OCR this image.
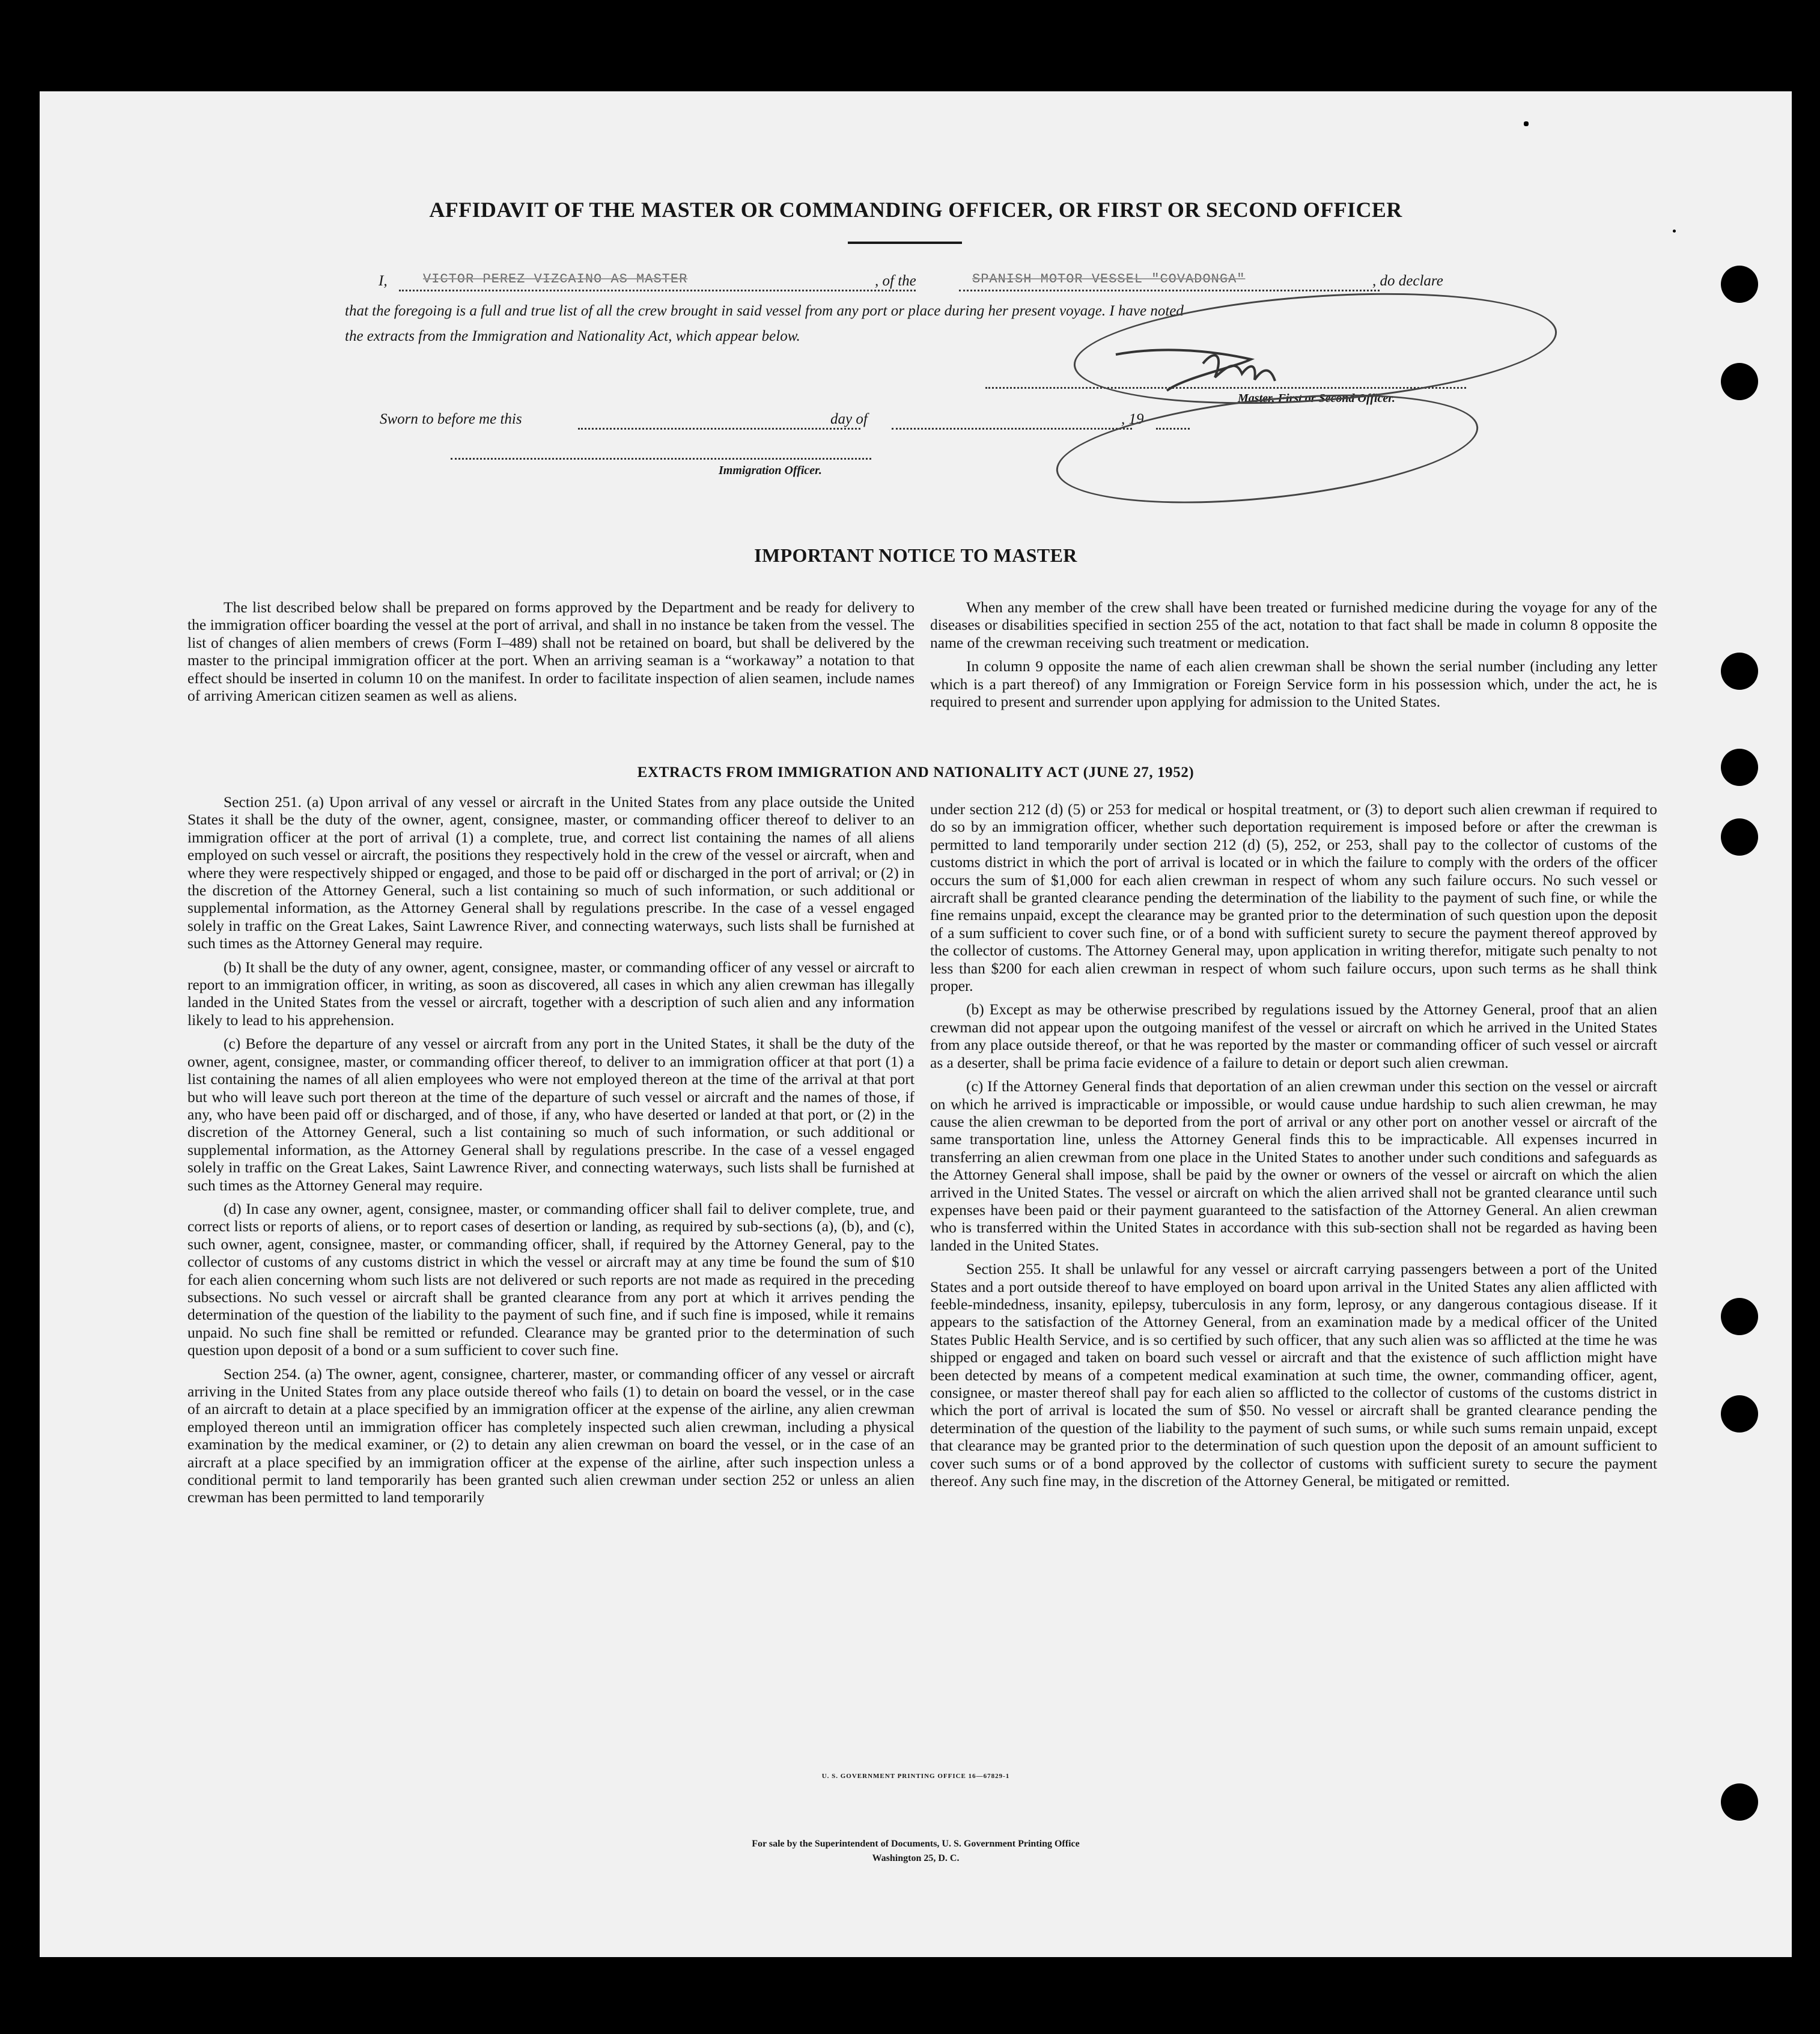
AFFIDAVIT OF THE MASTER OR COMMANDING OFFICER, OR FIRST OR SECOND OFFICER
I,	VICTOR PEREZ VIZCAINO AS MASTER	, of the	SPANISH MOTOR VESSEL "COVADONGA"	, do declare
that the foregoing is a full and true list of all the crew brought in said vessel from any port or place during her present voyage. I have noted
the extracts from the Immigration and Nationality Act, which appear below.
Master, First or Second Officer.
Sworn to before me this	day of	, 19
Immigration Officer.
IMPORTANT NOTICE TO MASTER

The list described below shall be prepared on forms approved by the Department and be ready for delivery to the immigration officer boarding the vessel at the port of arrival, and shall in no instance be taken from the vessel. The list of changes of alien members of crews (Form I–489) shall not be retained on board, but shall be delivered by the master to the principal immigration officer at the port. When an arriving seaman is a “workaway” a notation to that effect should be inserted in column 10 on the manifest. In order to facilitate inspection of alien seamen, include names of arriving American citizen seamen as well as aliens.

When any member of the crew shall have been treated or furnished medicine during the voyage for any of the diseases or disabilities specified in section 255 of the act, notation to that fact shall be made in column 8 opposite the name of the crewman receiving such treatment or medication.

In column 9 opposite the name of each alien crewman shall be shown the serial number (including any letter which is a part thereof) of any Immigration or Foreign Service form in his possession which, under the act, he is required to present and surrender upon applying for admission to the United States.

EXTRACTS FROM IMMIGRATION AND NATIONALITY ACT (JUNE 27, 1952)

Section 251. (a) Upon arrival of any vessel or aircraft in the United States from any place outside the United States it shall be the duty of the owner, agent, consignee, master, or commanding officer thereof to deliver to an immigration officer at the port of arrival (1) a complete, true, and correct list containing the names of all aliens employed on such vessel or aircraft, the positions they respectively hold in the crew of the vessel or aircraft, when and where they were respectively shipped or engaged, and those to be paid off or discharged in the port of arrival; or (2) in the discretion of the Attorney General, such a list containing so much of such information, or such additional or supplemental information, as the Attorney General shall by regulations prescribe. In the case of a vessel engaged solely in traffic on the Great Lakes, Saint Lawrence River, and connecting waterways, such lists shall be furnished at such times as the Attorney General may require.

(b) It shall be the duty of any owner, agent, consignee, master, or commanding officer of any vessel or aircraft to report to an immigration officer, in writing, as soon as discovered, all cases in which any alien crewman has illegally landed in the United States from the vessel or aircraft, together with a description of such alien and any information likely to lead to his apprehension.

(c) Before the departure of any vessel or aircraft from any port in the United States, it shall be the duty of the owner, agent, consignee, master, or commanding officer thereof, to deliver to an immigration officer at that port (1) a list containing the names of all alien employees who were not employed thereon at the time of the arrival at that port but who will leave such port thereon at the time of the departure of such vessel or aircraft and the names of those, if any, who have been paid off or discharged, and of those, if any, who have deserted or landed at that port, or (2) in the discretion of the Attorney General, such a list containing so much of such information, or such additional or supplemental information, as the Attorney General shall by regulations prescribe. In the case of a vessel engaged solely in traffic on the Great Lakes, Saint Lawrence River, and connecting waterways, such lists shall be furnished at such times as the Attorney General may require.

(d) In case any owner, agent, consignee, master, or commanding officer shall fail to deliver complete, true, and correct lists or reports of aliens, or to report cases of desertion or landing, as required by sub-sections (a), (b), and (c), such owner, agent, consignee, master, or commanding officer, shall, if required by the Attorney General, pay to the collector of customs of any customs district in which the vessel or aircraft may at any time be found the sum of $10 for each alien concerning whom such lists are not delivered or such reports are not made as required in the preceding subsections. No such vessel or aircraft shall be granted clearance from any port at which it arrives pending the determination of the question of the liability to the payment of such fine, and if such fine is imposed, while it remains unpaid. No such fine shall be remitted or refunded. Clearance may be granted prior to the determination of such question upon deposit of a bond or a sum sufficient to cover such fine.

Section 254. (a) The owner, agent, consignee, charterer, master, or commanding officer of any vessel or aircraft arriving in the United States from any place outside thereof who fails (1) to detain on board the vessel, or in the case of an aircraft to detain at a place specified by an immigration officer at the expense of the airline, any alien crewman employed thereon until an immigration officer has completely inspected such alien crewman, including a physical examination by the medical examiner, or (2) to detain any alien crewman on board the vessel, or in the case of an aircraft at a place specified by an immigration officer at the expense of the airline, after such inspection unless a conditional permit to land temporarily has been granted such alien crewman under section 252 or unless an alien crewman has been permitted to land temporarily

under section 212 (d) (5) or 253 for medical or hospital treatment, or (3) to deport such alien crewman if required to do so by an immigration officer, whether such deportation requirement is imposed before or after the crewman is permitted to land temporarily under section 212 (d) (5), 252, or 253, shall pay to the collector of customs of the customs district in which the port of arrival is located or in which the failure to comply with the orders of the officer occurs the sum of $1,000 for each alien crewman in respect of whom any such failure occurs. No such vessel or aircraft shall be granted clearance pending the determination of the liability to the payment of such fine, or while the fine remains unpaid, except the clearance may be granted prior to the determination of such question upon the deposit of a sum sufficient to cover such fine, or of a bond with sufficient surety to secure the payment thereof approved by the collector of customs. The Attorney General may, upon application in writing therefor, mitigate such penalty to not less than $200 for each alien crewman in respect of whom such failure occurs, upon such terms as he shall think proper.

(b) Except as may be otherwise prescribed by regulations issued by the Attorney General, proof that an alien crewman did not appear upon the outgoing manifest of the vessel or aircraft on which he arrived in the United States from any place outside thereof, or that he was reported by the master or commanding officer of such vessel or aircraft as a deserter, shall be prima facie evidence of a failure to detain or deport such alien crewman.

(c) If the Attorney General finds that deportation of an alien crewman under this section on the vessel or aircraft on which he arrived is impracticable or impossible, or would cause undue hardship to such alien crewman, he may cause the alien crewman to be deported from the port of arrival or any other port on another vessel or aircraft of the same transportation line, unless the Attorney General finds this to be impracticable. All expenses incurred in transferring an alien crewman from one place in the United States to another under such conditions and safeguards as the Attorney General shall impose, shall be paid by the owner or owners of the vessel or aircraft on which the alien arrived in the United States. The vessel or aircraft on which the alien arrived shall not be granted clearance until such expenses have been paid or their payment guaranteed to the satisfaction of the Attorney General. An alien crewman who is transferred within the United States in accordance with this sub-section shall not be regarded as having been landed in the United States.

Section 255. It shall be unlawful for any vessel or aircraft carrying passengers between a port of the United States and a port outside thereof to have employed on board upon arrival in the United States any alien afflicted with feeble-mindedness, insanity, epilepsy, tuberculosis in any form, leprosy, or any dangerous contagious disease. If it appears to the satisfaction of the Attorney General, from an examination made by a medical officer of the United States Public Health Service, and is so certified by such officer, that any such alien was so afflicted at the time he was shipped or engaged and taken on board such vessel or aircraft and that the existence of such affliction might have been detected by means of a competent medical examination at such time, the owner, commanding officer, agent, consignee, or master thereof shall pay for each alien so afflicted to the collector of customs of the customs district in which the port of arrival is located the sum of $50. No vessel or aircraft shall be granted clearance pending the determination of the question of the liability to the payment of such sums, or while such sums remain unpaid, except that clearance may be granted prior to the determination of such question upon the deposit of an amount sufficient to cover such sums or of a bond approved by the collector of customs with sufficient surety to secure the payment thereof. Any such fine may, in the discretion of the Attorney General, be mitigated or remitted.

U. S. GOVERNMENT PRINTING OFFICE 16—67829-1
For sale by the Superintendent of Documents, U. S. Government Printing Office
Washington 25, D. C.
